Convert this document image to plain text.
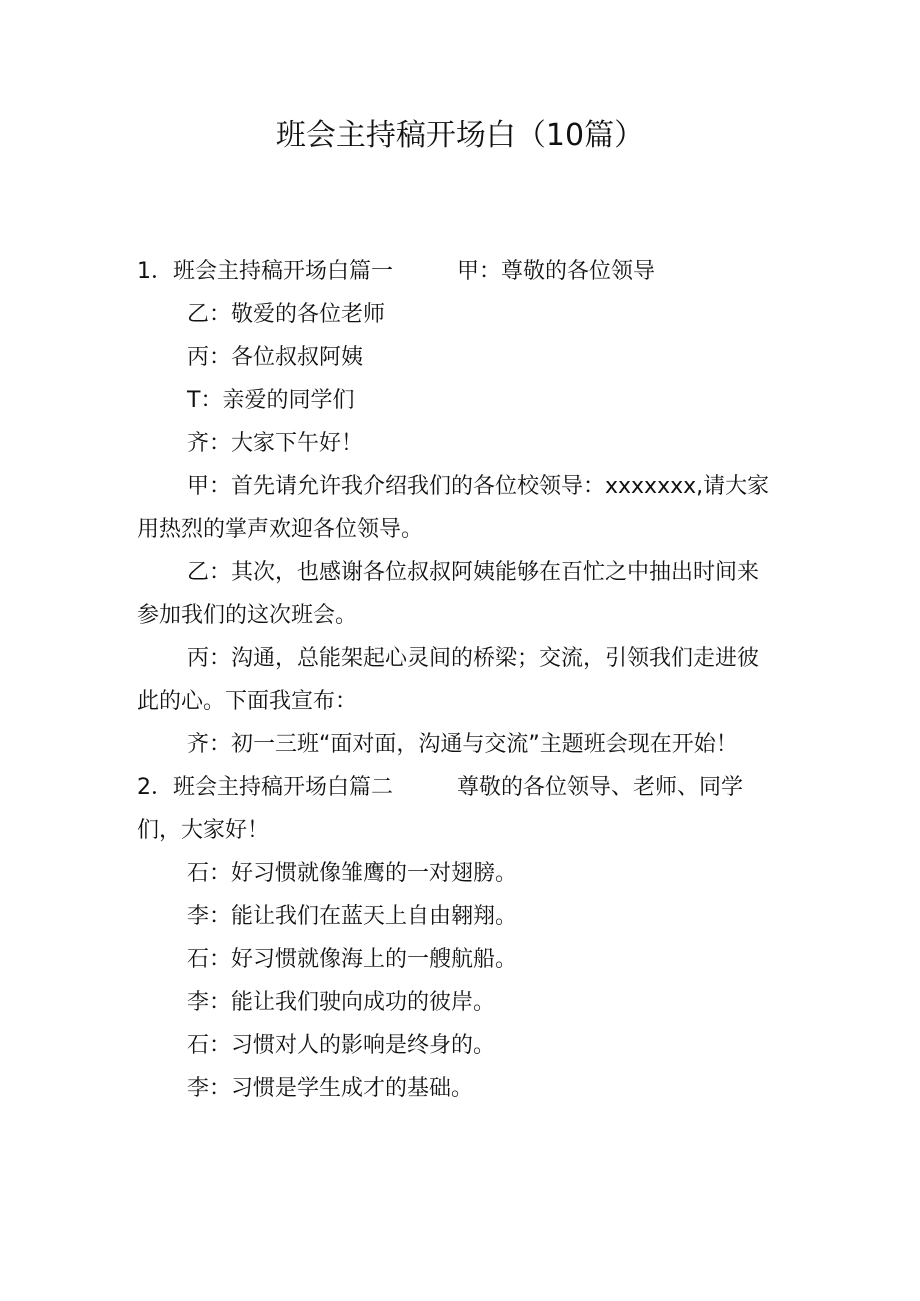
班会主持稿开场白（10篇）

1．班会主持稿开场白篇一	甲：尊敬的各位领导

乙：敬爱的各位老师

丙：各位叔叔阿姨

T：亲爱的同学们

齐：大家下午好！

甲：首先请允许我介绍我们的各位校领导：xxxxxxx,请大家用热烈的掌声欢迎各位领导。

乙：其次，也感谢各位叔叔阿姨能够在百忙之中抽出时间来参加我们的这次班会。

丙：沟通，总能架起心灵间的桥梁；交流，引领我们走进彼此的心。下面我宣布：

齐：初一三班“面对面，沟通与交流”主题班会现在开始！

2．班会主持稿开场白篇二	尊敬的各位领导、老师、同学们，大家好！

石：好习惯就像雏鹰的一对翅膀。

李：能让我们在蓝天上自由翱翔。

石：好习惯就像海上的一艘航船。

李：能让我们驶向成功的彼岸。

石：习惯对人的影响是终身的。

李：习惯是学生成才的基础。
